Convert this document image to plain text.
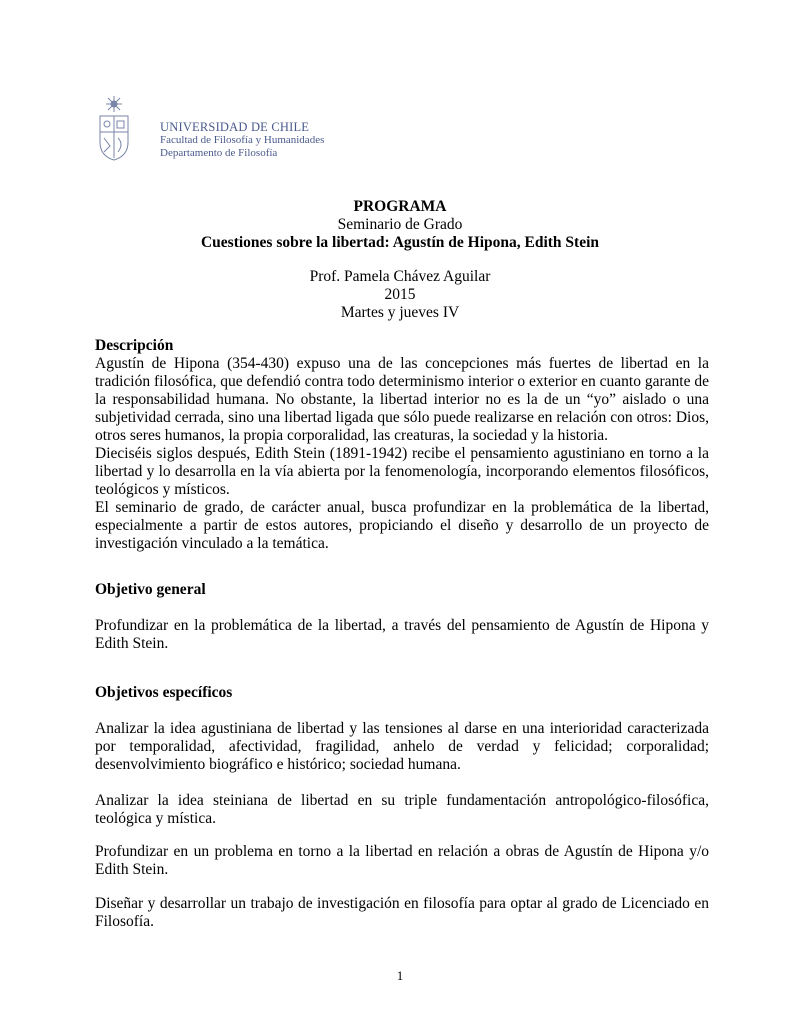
UNIVERSIDAD DE CHILE
Facultad de Filosofía y Humanidades
Departamento de Filosofía
PROGRAMA
Seminario de Grado
Cuestiones sobre la libertad: Agustín de Hipona, Edith Stein
Prof. Pamela Chávez Aguilar
2015
Martes y jueves IV
Descripción

Agustín de Hipona (354-430) expuso una de las concepciones más fuertes de libertad en la tradición filosófica, que defendió contra todo determinismo interior o exterior en cuanto garante de la responsabilidad humana. No obstante, la libertad interior no es la de un “yo” aislado o una subjetividad cerrada, sino una libertad ligada que sólo puede realizarse en relación con otros: Dios, otros seres humanos, la propia corporalidad, las creaturas, la sociedad y la historia.

Dieciséis siglos después, Edith Stein (1891-1942) recibe el pensamiento agustiniano en torno a la libertad y lo desarrolla en la vía abierta por la fenomenología, incorporando elementos filosóficos, teológicos y místicos.

El seminario de grado, de carácter anual, busca profundizar en la problemática de la libertad, especialmente a partir de estos autores, propiciando el diseño y desarrollo de un proyecto de investigación vinculado a la temática.

Objetivo general
Profundizar en la problemática de la libertad, a través del pensamiento de Agustín de Hipona y Edith Stein.
Objetivos específicos
Analizar la idea agustiniana de libertad y las tensiones al darse en una interioridad caracterizada por temporalidad, afectividad, fragilidad, anhelo de verdad y felicidad; corporalidad; desenvolvimiento biográfico e histórico; sociedad humana.
Analizar la idea steiniana de libertad en su triple fundamentación antropológico-filosófica, teológica y mística.
Profundizar en un problema en torno a la libertad en relación a obras de Agustín de Hipona y/o Edith Stein.
Diseñar y desarrollar un trabajo de investigación en filosofía para optar al grado de Licenciado en Filosofía.
1
